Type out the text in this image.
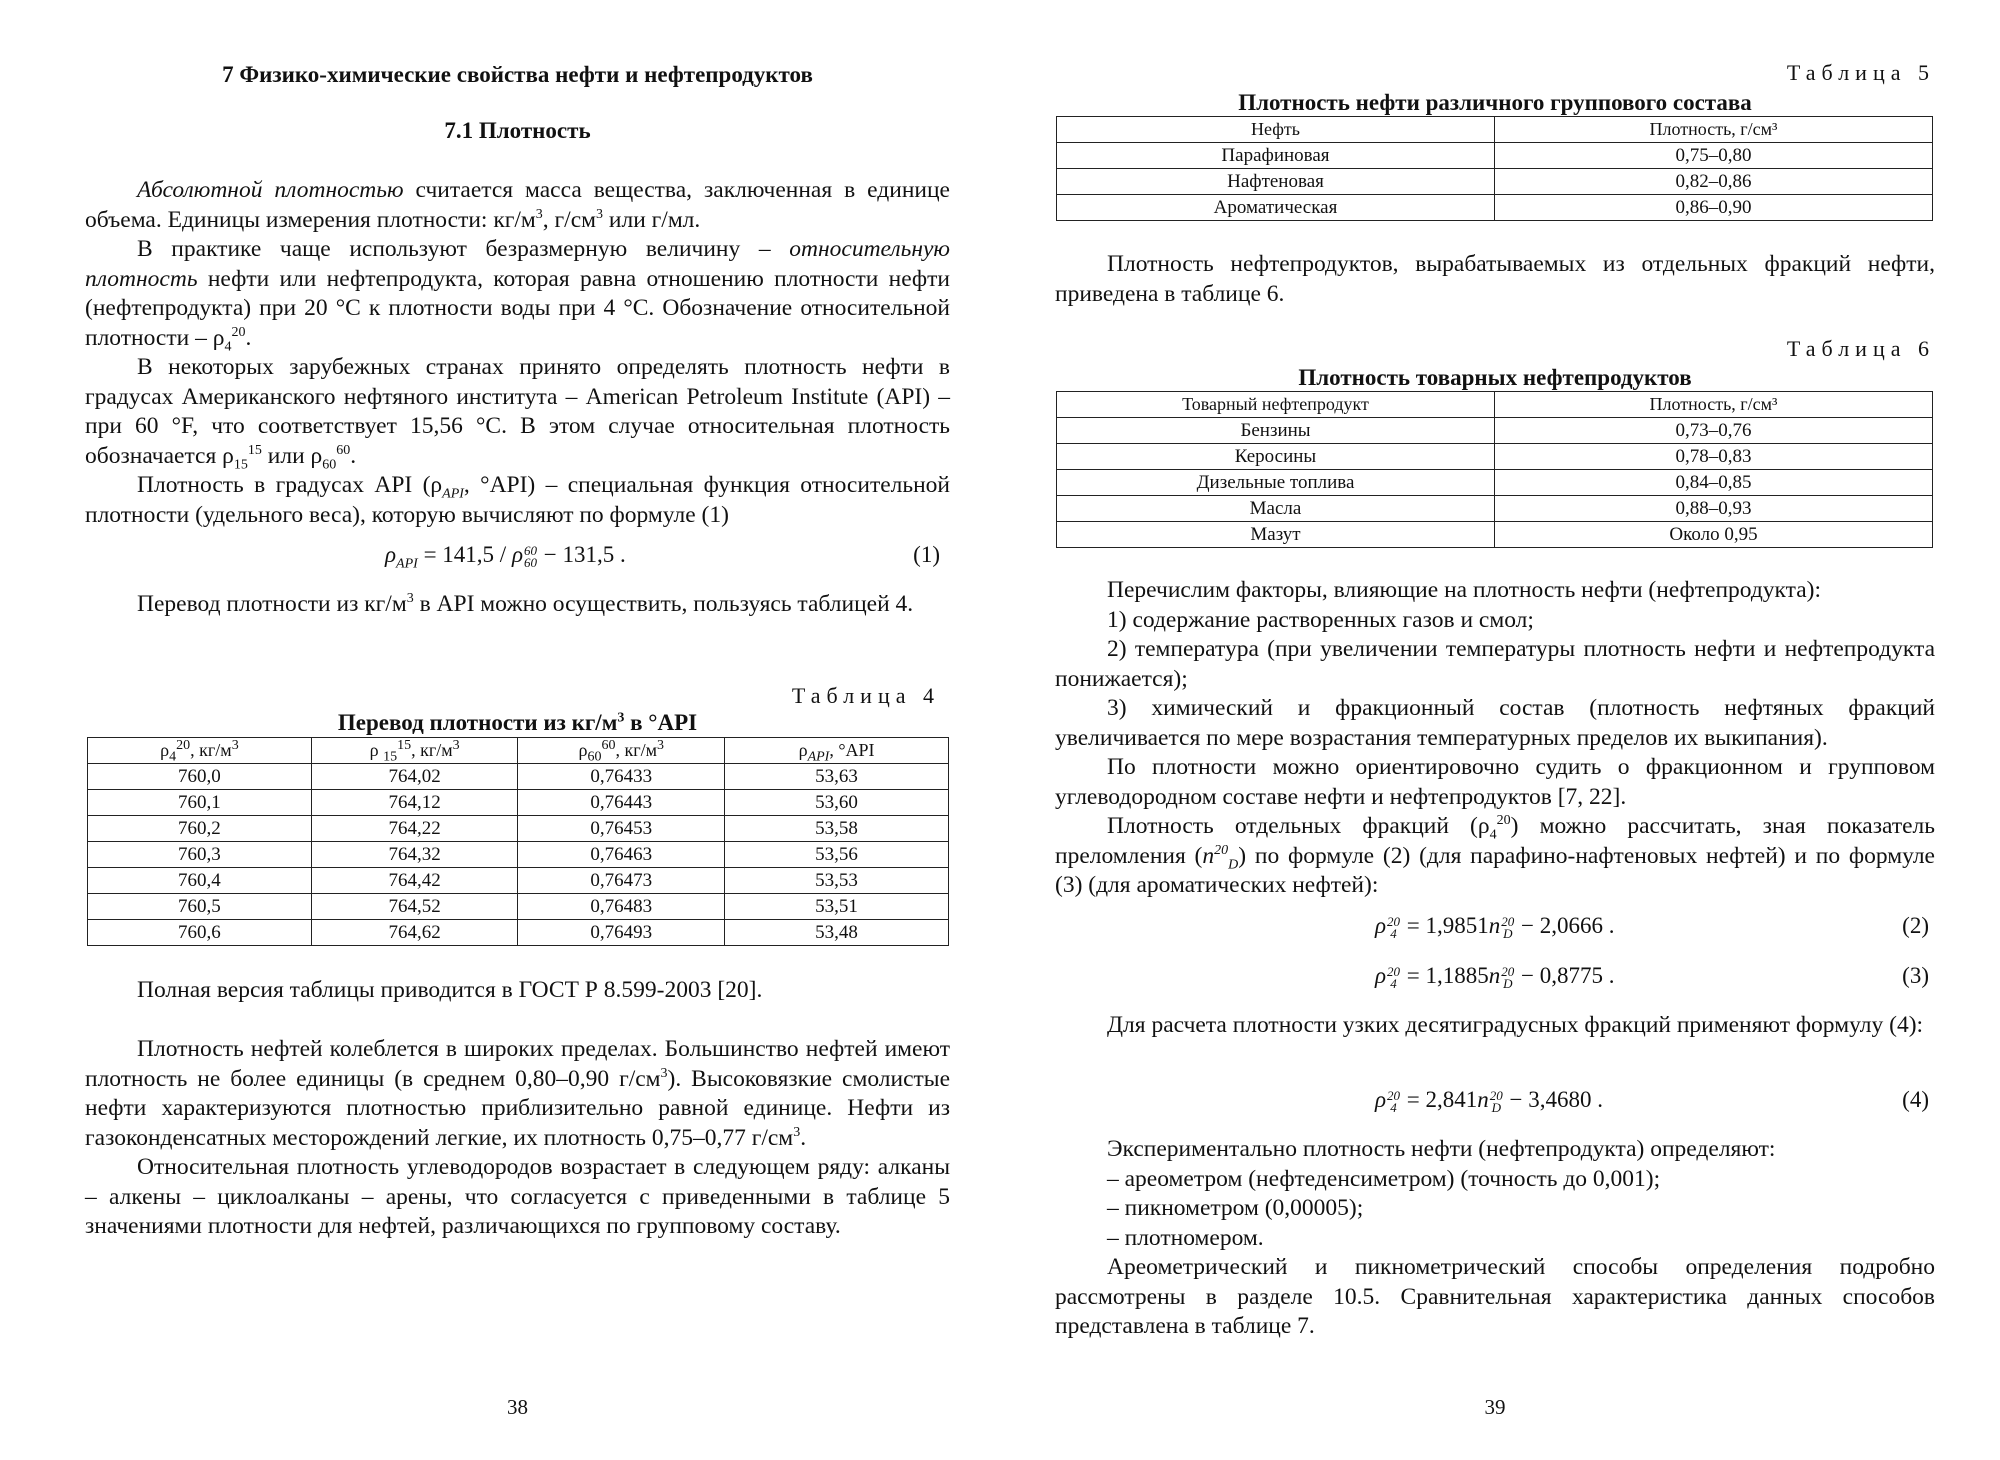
7 Физико-химические свойства нефти и нефтепродуктов
7.1 Плотность

Абсолютной плотностью считается масса вещества, заключенная в единице объема. Единицы измерения плотности: $кг/м^3$, $г/см^3$ или г/мл.

В практике чаще используют безразмерную величину – относительную плотность нефти или нефтепродукта, которая равна отношению плотности нефти (нефтепродукта) при 20 °С к плотности воды при 4 °С. Обозначение относительной плотности – $\rho_4^{20}$.

В некоторых зарубежных странах принято определять плотность нефти в градусах Американского нефтяного института – American Petroleum Institute (API) – при 60 °F, что соответствует 15,56 °С. В этом случае относительная плотность обозначается $\rho_{15}^{15}$ или $\rho_{60}^{60}$.

Плотность в градусах API ($\rho_{API}$, °API) – специальная функция относительной плотности (удельного веса), которую вычисляют по формуле (1)

$\rho_{API} = 141,5 / \rho$ 60
60 − 131,5 .	(1)

Перевод плотности из $кг/м^3$ в API можно осуществить, пользуясь таблицей 4.

Таблица 4
Перевод плотности из $кг/м^3$ в °API
$\rho_4^{20}$, $кг/м^3$	ρ $_{15}^{15}$, $кг/м^3$	$\rho_{60}^{60}$, $кг/м^3$	$\rho_{API}$, °API
760,0	764,02	0,76433	53,63
760,1	764,12	0,76443	53,60
760,2	764,22	0,76453	53,58
760,3	764,32	0,76463	53,56
760,4	764,42	0,76473	53,53
760,5	764,52	0,76483	53,51
760,6	764,62	0,76493	53,48

Полная версия таблицы приводится в ГОСТ Р 8.599-2003 [20].

Плотность нефтей колеблется в широких пределах. Большинство нефтей имеют плотность не более единицы (в среднем 0,80–0,90 $г/см^3$). Высоковязкие смолистые нефти характеризуются плотностью приблизительно равной единице. Нефти из газоконденсатных месторождений легкие, их плотность 0,75–0,77 $г/см^3$.

Относительная плотность углеводородов возрастает в следующем ряду: алканы – алкены – циклоалканы – арены, что согласуется с приведенными в таблице 5 значениями плотности для нефтей, различающихся по групповому составу.

38
Таблица 5
Плотность нефти различного группового состава
Нефть	Плотность, г/см³
Парафиновая	0,75–0,80
Нафтеновая	0,82–0,86
Ароматическая	0,86–0,90

Плотность нефтепродуктов, вырабатываемых из отдельных фракций нефти, приведена в таблице 6.

Таблица 6
Плотность товарных нефтепродуктов
Товарный нефтепродукт	Плотность, г/см³
Бензины	0,73–0,76
Керосины	0,78–0,83
Дизельные топлива	0,84–0,85
Масла	0,88–0,93
Мазут	Около 0,95

Перечислим факторы, влияющие на плотность нефти (нефтепродукта):

1) содержание растворенных газов и смол;

2) температура (при увеличении температуры плотность нефти и нефтепродукта понижается);

3) химический и фракционный состав (плотность нефтяных фракций увеличивается по мере возрастания температурных пределов их выкипания).

По плотности можно ориентировочно судить о фракционном и групповом углеводородном составе нефти и нефтепродуктов [7, 22].

Плотность отдельных фракций $(\rho_4^{20})$ можно рассчитать, зная показатель преломления $(n^{20}_D)$ по формуле (2) (для парафино-нафтеновых нефтей) и по формуле (3) (для ароматических нефтей):

ρ 20
4 = 1,9851n 20
D − 2,0666 .	(2)
ρ 20
4 = 1,1885n 20
D − 0,8775 .	(3)

Для расчета плотности узких десятиградусных фракций применяют формулу (4):

ρ 20
4 = 2,841n 20
D − 3,4680 .	(4)

Экспериментально плотность нефти (нефтепродукта) определяют:

– ареометром (нефтеденсиметром) (точность до 0,001);

– пикнометром (0,00005);

– плотномером.

Ареометрический и пикнометрический способы определения подробно рассмотрены в разделе 10.5. Сравнительная характеристика данных способов представлена в таблице 7.

39
